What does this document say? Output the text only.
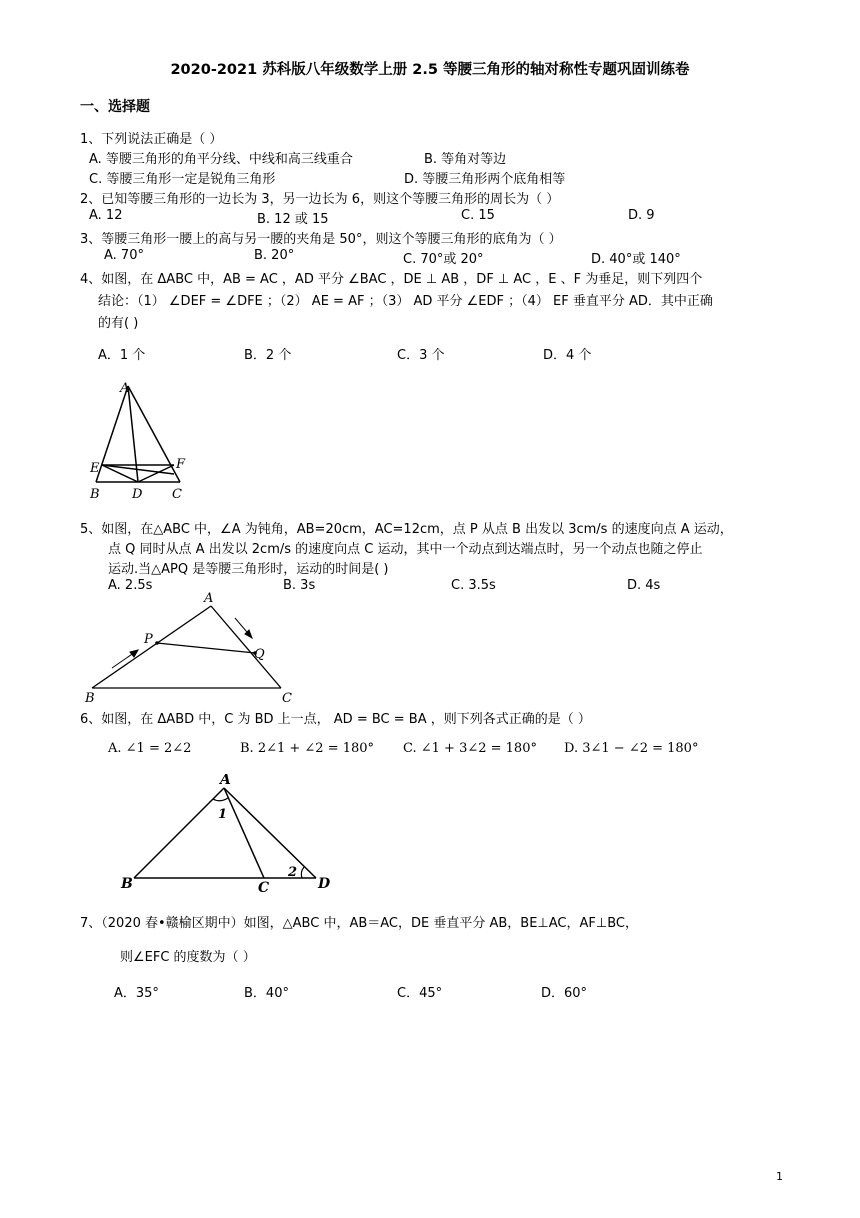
2020-2021 苏科版八年级数学上册 2.5 等腰三角形的轴对称性专题巩固训练卷
一、选择题
1、下列说法正确是（ ）
A. 等腰三角形的角平分线、中线和高三线重合	B. 等角对等边
C. 等腰三角形一定是锐角三角形	D. 等腰三角形两个底角相等
2、已知等腰三角形的一边长为 3，另一边长为 6，则这个等腰三角形的周长为（ ）
A. 12	B. 12 或 15	C. 15	D. 9
3、等腰三角形一腰上的高与另一腰的夹角是 50°，则这个等腰三角形的底角为（ ）
A. 70°	B. 20°	C. 70°或 20°	D. 40°或 140°
4、如图，在 ΔABC 中，AB = AC ，AD 平分 ∠BAC ，DE ⊥ AB ，DF ⊥ AC ，E 、F 为垂足，则下列四个
结论：（1） ∠DEF = ∠DFE ；（2） AE = AF ；（3） AD 平分 ∠EDF ；（4） EF 垂直平分 AD．其中正确
的有( )
A．1 个	B．2 个	C．3 个	D．4 个
A
E	F
B D C
5、如图，在△ABC 中，∠A 为钝角，AB=20cm，AC=12cm，点 P 从点 B 出发以 3cm/s 的速度向点 A 运动，
点 Q 同时从点 A 出发以 2cm/s 的速度向点 C 运动，其中一个动点到达端点时，另一个动点也随之停止
运动.当△APQ 是等腰三角形时，运动的时间是( )
A. 2.5s	B. 3s	C. 3.5s	D. 4s
A
P
Q
B	C
6、如图，在 ΔABD 中，C 为 BD 上一点， AD = BC = BA ，则下列各式正确的是（ ）
A. ∠1 = 2∠2	B. 2∠1 + ∠2 = 180° C. ∠1 + 3∠2 = 180° D. 3∠1 − ∠2 = 180°
A
1
2
B	C	D
7、（2020 春•赣榆区期中）如图，△ABC 中，AB＝AC，DE 垂直平分 AB，BE⊥AC，AF⊥BC，
则∠EFC 的度数为（ ）
A．35°	B．40°	C．45°	D．60°
1
